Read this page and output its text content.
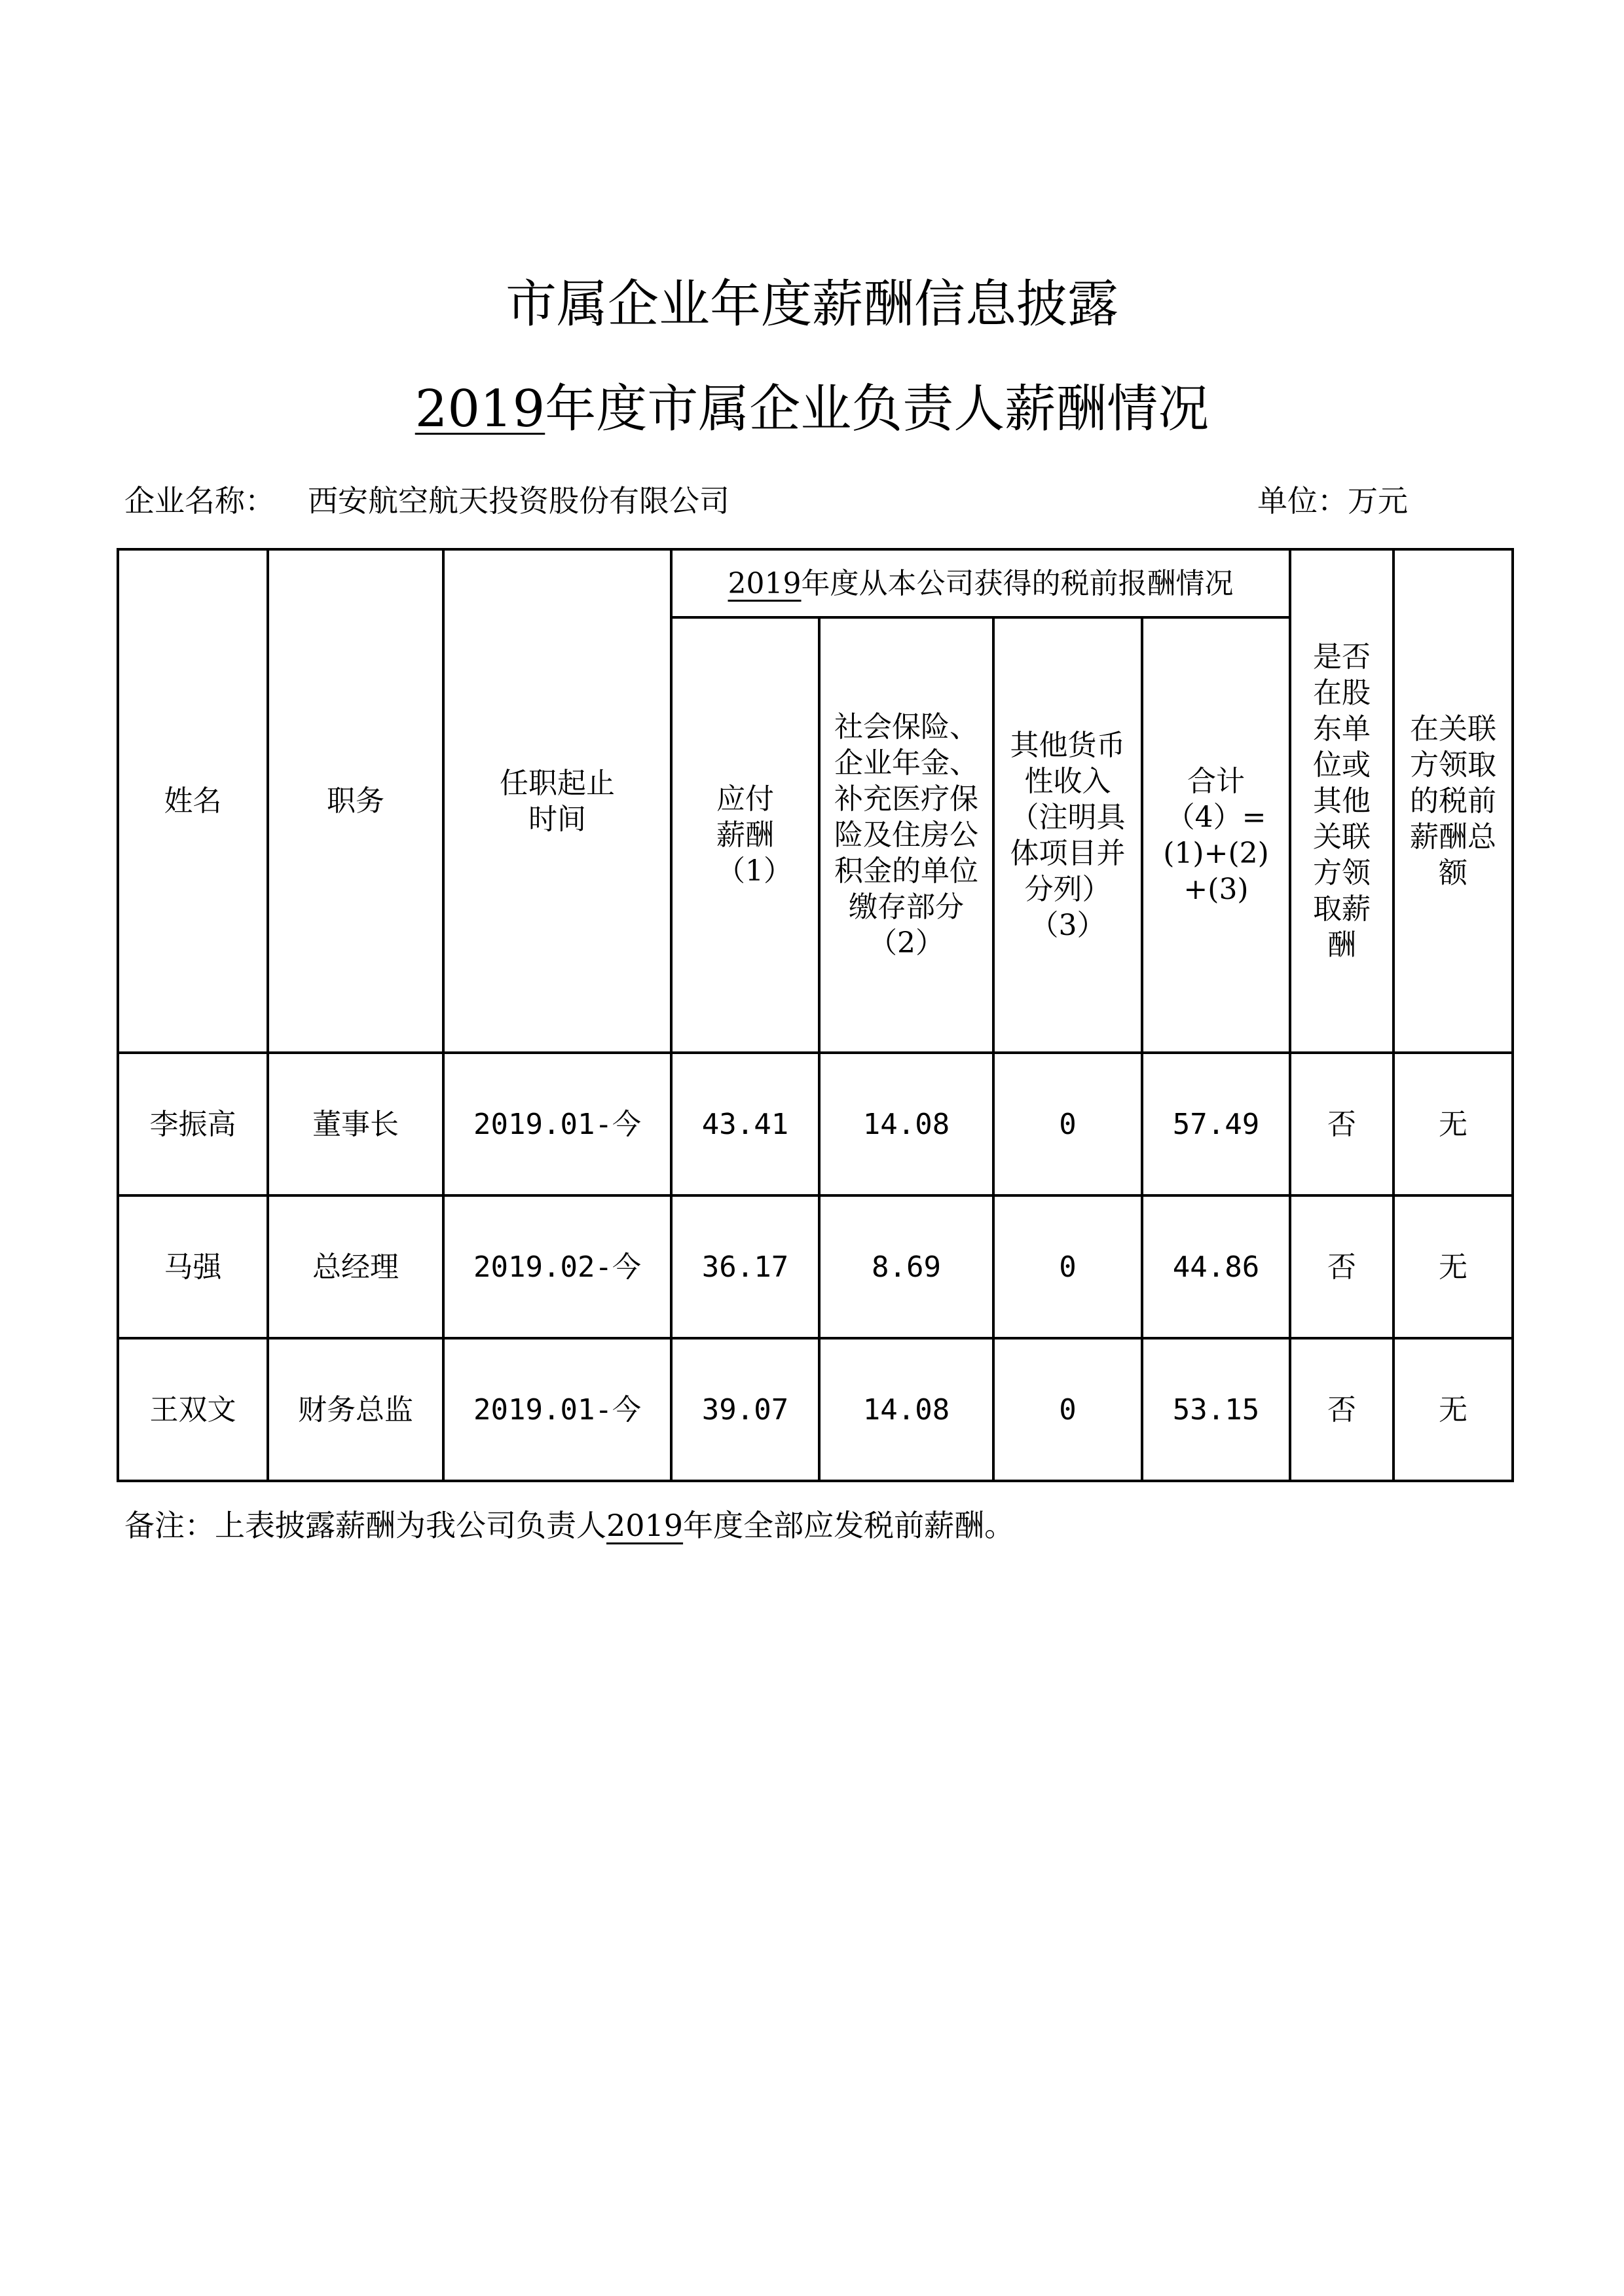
市属企业年度薪酬信息披露
2019年度市属企业负责人薪酬情况
企业名称： 西安航空航天投资股份有限公司	单位：万元
姓名	职务	任职起止时间	2019年度从本公司获得的税前报酬情况				是否在股东单位或其他关联方领取薪酬	在关联方领取的税前薪酬总额

			应付薪酬（1）	社会保险、企业年金、补充医疗保险及住房公积金的单位缴存部分（2）	其他货币性收入（注明具体项目并分列）（3）	合计（4）=(1)+(2)+(3)		

李振高	董事长	2019.01-今	43.41	14.08	0	57.49	否	无
马强	总经理	2019.02-今	36.17	8.69	0	44.86	否	无
王双文	财务总监	2019.01-今	39.07	14.08	0	53.15	否	无
备注：上表披露薪酬为我公司负责人2019年度全部应发税前薪酬。
